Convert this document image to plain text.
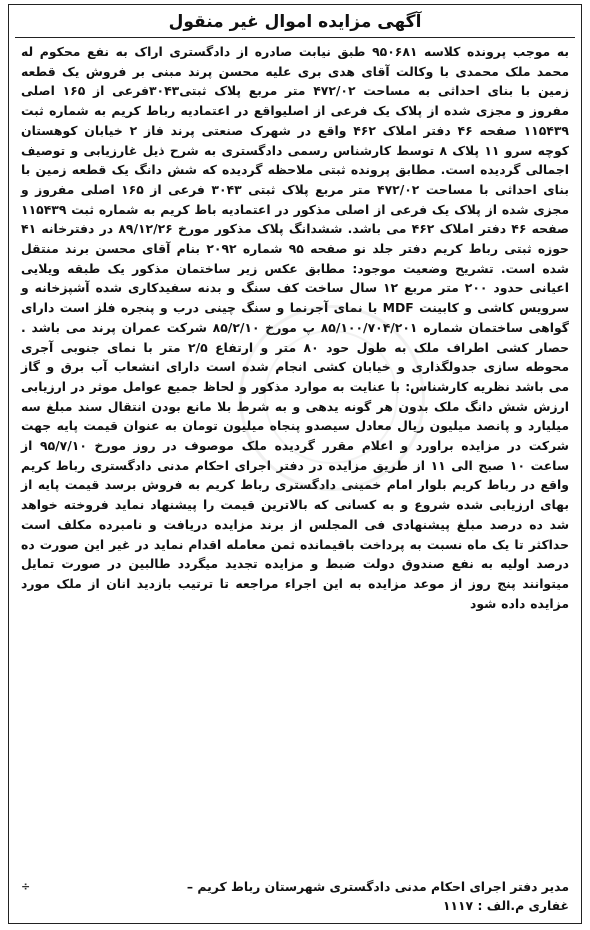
آگهی مزایده اموال غیر منقول

به موجب پرونده کلاسه ۹۵۰۶۸۱ طبق نیابت صادره از دادگستری اراک به نفع محکوم له محمد ملک محمدی با وکالت آقای هدی بری علیه محسن پرند مبنی بر فروش یک قطعه زمین با بنای احداثی به مساحت ۴۷۲/۰۲ متر مربع پلاک ثبتی۳۰۴۳فرعی از ۱۶۵ اصلی مفروز و مجزی شده از پلاک یک فرعی از اصلیواقع در اعتمادیه رباط کریم به شماره ثبت ۱۱۵۴۳۹ صفحه ۴۶ دفتر املاک ۴۶۲ واقع در شهرک صنعتی پرند فاز ۲ خیابان کوهستان کوچه سرو ۱۱ پلاک ۸ توسط کارشناس رسمی دادگستری به شرح ذیل غارزیابی و توصیف اجمالی گردیده است. مطابق پرونده ثبتی ملاحظه گردیده که شش دانگ یک قطعه زمین با بنای احداثی با مساحت ۴۷۲/۰۲ متر مربع پلاک ثبتی ۳۰۴۳ فرعی از ۱۶۵ اصلی مفروز و مجزی شده از پلاک یک فرعی از اصلی مذکور در اعتمادیه باط کریم به شماره ثبت ۱۱۵۴۳۹ صفحه ۴۶ دفتر املاک ۴۶۲ می باشد. ششدانگ پلاک مذکور مورخ ۸۹/۱۲/۲۶ در دفترخانه ۴۱ حوزه ثبتی رباط کریم دفتر جلد نو صفحه ۹۵ شماره ۲۰۹۲ بنام آقای محسن برند منتقل شده است. تشریح وضعیت موجود: مطابق عکس زیر ساختمان مذکور یک طبقه ویلایی اعیانی حدود ۲۰۰ متر مربع ۱۲ سال ساخت کف سنگ و بدنه سفیدکاری شده آشپزخانه و سرویس کاشی و کابینت MDF با نمای آجرنما و سنگ چینی درب و پنجره فلز است دارای گواهی ساختمان شماره ۸۵/۱۰۰/۷۰۴/۲۰۱ پ مورخ ۸۵/۲/۱۰ شرکت عمران پرند می باشد . حصار کشی اطراف ملک به طول حود ۸۰ متر و ارتفاع ۲/۵ متر با نمای جنوبی آجری محوطه سازی جدولگذاری و خیابان کشی انجام شده است دارای انشعاب آب برق و گاز می باشد نظریه کارشناس: با عنایت به موارد مذکور و لحاظ جمیع عوامل موثر در ارزیابی ارزش شش دانگ ملک بدون هر گونه یدهی و به شرط بلا مانع بودن انتقال سند مبلغ سه میلیارد و پانصد میلیون ریال معادل سیصدو پنجاه میلیون تومان به عنوان قیمت پایه جهت شرکت در مزایده براورد و اعلام مقرر گردیده ملک موصوف در روز مورخ ۹۵/۷/۱۰ از ساعت ۱۰ صبح الی ۱۱ از طریق مزایده در دفتر اجرای احکام مدنی دادگستری رباط کریم واقع در رباط کریم بلوار امام خمینی دادگستری رباط کریم به فروش برسد قیمت پایه از بهای ارزیابی شده شروع و به کسانی که بالاترین قیمت را پیشنهاد نماید فروخته خواهد شد ده درصد مبلغ پیشنهادی فی المجلس از برند مزایده دریافت و نامبرده مکلف است حداکثر تا یک ماه نسبت به پرداخت باقیمانده ثمن معامله اقدام نماید در غیر این صورت ده درصد اولیه به نفع صندوق دولت ضبط و مزایده تجدید میگردد طالبین در صورت تمایل میتوانند پنج روز از موعد مزایده به این اجراء مراجعه تا ترتیب بازدید انان از ملک مورد مزایده داده شود

مدیر دفتر اجرای احکام مدنی دادگستری شهرستان رباط کریم –
÷
غفاری م.الف : ۱۱۱۷
